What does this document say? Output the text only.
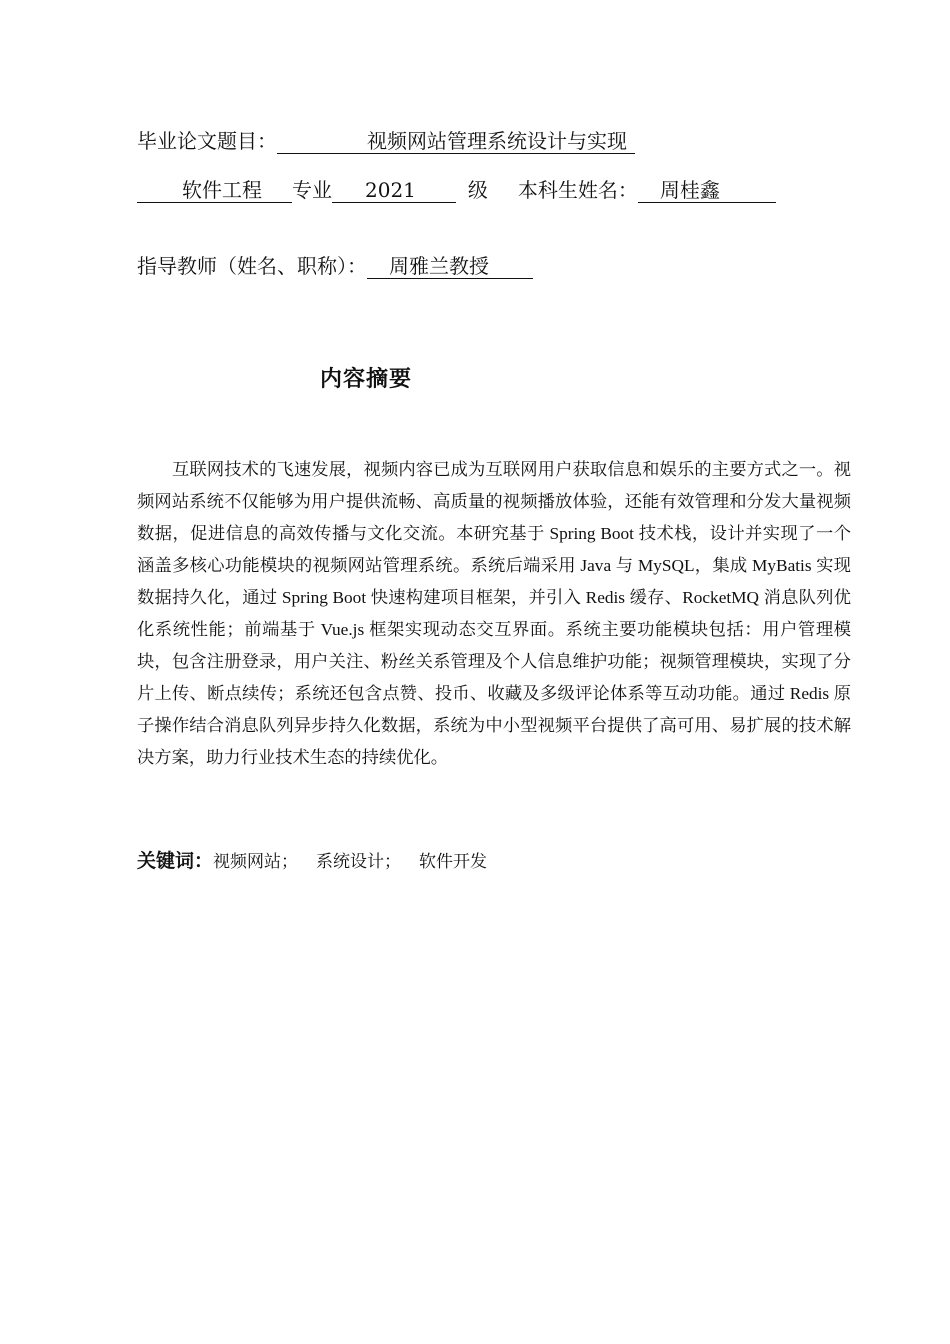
毕业论文题目：	视频网站管理系统设计与实现
软件工程 专业 2021	级 本科生姓名： 周桂鑫
指导教师（姓名、职称）： 周雅兰教授
内容摘要

互联网技术的飞速发展，视频内容已成为互联网用户获取信息和娱乐的主要方式之一。视频网站系统不仅能够为用户提供流畅、高质量的视频播放体验，还能有效管理和分发大量视频数据，促进信息的高效传播与文化交流。本研究基于 Spring Boot 技术栈，设计并实现了一个涵盖多核心功能模块的视频网站管理系统。系统后端采用 Java 与 MySQL，集成 MyBatis 实现数据持久化，通过 Spring Boot 快速构建项目框架，并引入 Redis 缓存、RocketMQ 消息队列优化系统性能；前端基于 Vue.js 框架实现动态交互界面。系统主要功能模块包括：用户管理模块，包含注册登录，用户关注、粉丝关系管理及个人信息维护功能；视频管理模块，实现了分片上传、断点续传；系统还包含点赞、投币、收藏及多级评论体系等互动功能。通过 Redis 原子操作结合消息队列异步持久化数据，系统为中小型视频平台提供了高可用、易扩展的技术解决方案，助力行业技术生态的持续优化。

关键词：视频网站； 系统设计； 软件开发
